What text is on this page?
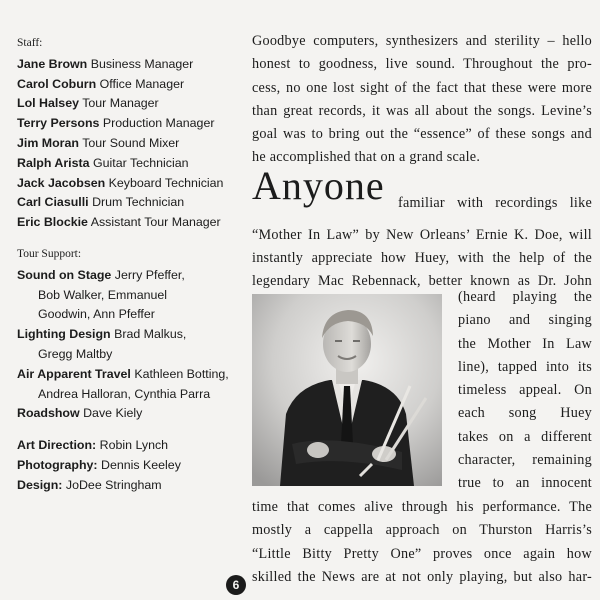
Staff:
Jane Brown Business Manager
Carol Coburn Office Manager
Lol Halsey Tour Manager
Terry Persons Production Manager
Jim Moran Tour Sound Mixer
Ralph Arista Guitar Technician
Jack Jacobsen Keyboard Technician
Carl Ciasulli Drum Technician
Eric Blockie Assistant Tour Manager
Tour Support:
Sound on Stage Jerry Pfeffer,
Bob Walker, Emmanuel
Goodwin, Ann Pfeffer
Lighting Design Brad Malkus,
Gregg Maltby
Air Apparent Travel Kathleen Botting,
Andrea Halloran, Cynthia Parra
Roadshow Dave Kiely
Art Direction: Robin Lynch
Photography: Dennis Keeley
Design: JoDee Stringham
Goodbye computers, synthesizers and sterility – hello
honest to goodness, live sound. Throughout the pro-
cess, no one lost sight of the fact that these were more
than great records, it was all about the songs. Levine’s
goal was to bring out the “essence” of these songs and
he accomplished that on a grand scale.
Anyone familiar with recordings like
“Mother In Law” by New Orleans’ Ernie K. Doe, will
instantly appreciate how Huey, with the help of the
legendary Mac Rebennack, better known as Dr. John
(heard playing the
piano and singing
the Mother In Law
line), tapped into its
timeless appeal. On
each song Huey
takes on a different
character, remaining
true to an innocent
time that comes alive through his performance. The
mostly a cappella approach on Thurston Harris’s
“Little Bitty Pretty One” proves once again how
skilled the News are at not only playing, but also har-
6
